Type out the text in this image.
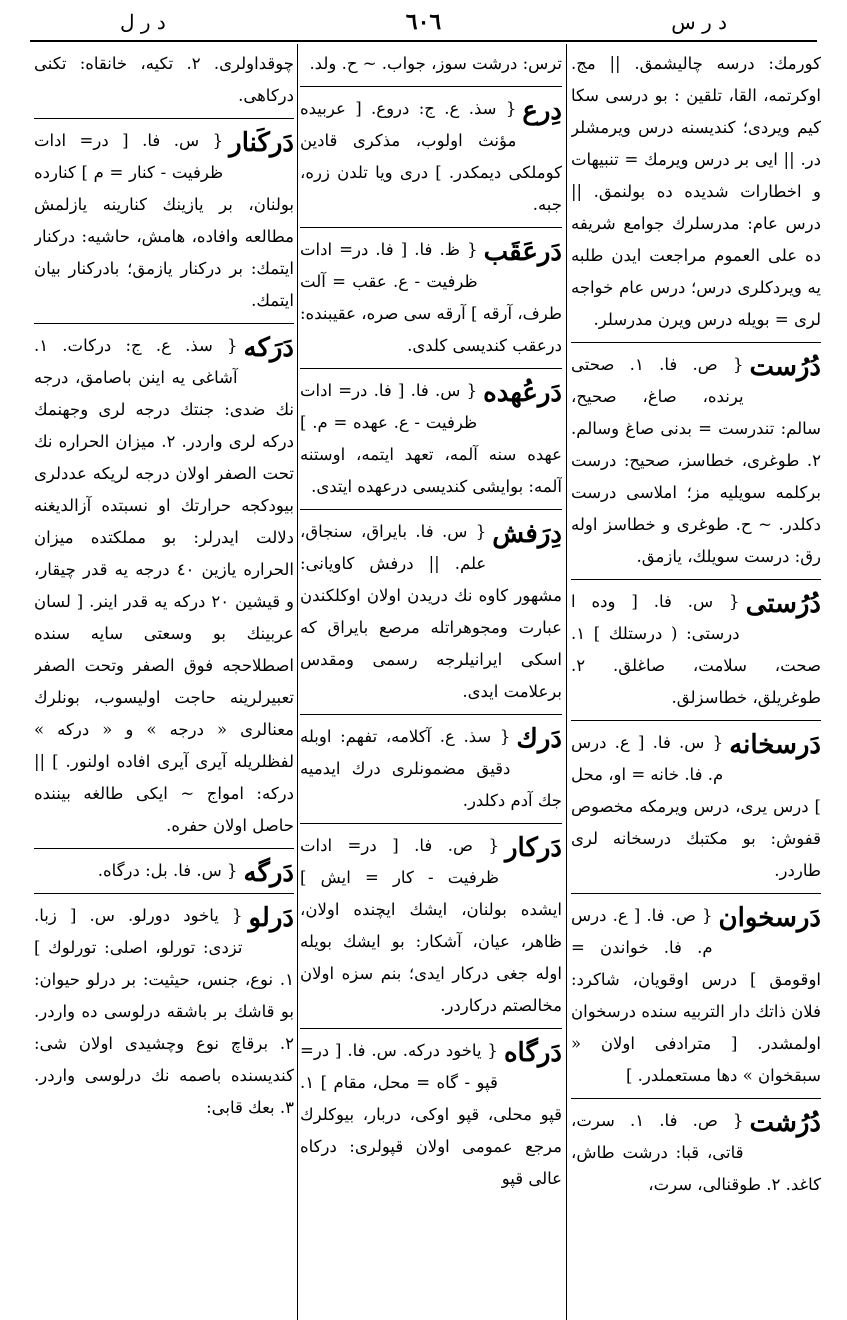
د ر س
٦٠٦
د ر ل
كورمك: درسه چالیشمق. || مج. اوكرتمه، القا، تلقین : بو درسی سكا كیم ویردی؛ كندیسنه درس ویرمشلر در. || ایی بر درس ویرمك = تنبیهات و اخطارات شدیده ده بولنمق. || درس عام: مدرسلرك جوامع شریفه ده علی العموم مراجعت ایدن طلبه یه ویردكلری درس؛ درس عام خواجه لری = بویله درس ویرن مدرسلر.
دُرُست
{ ص. فا. ١. صحتی یرنده، صاغ، صحیح، سالم: تندرست = بدنی صاغ وسالم. ٢. طوغری، خطاسز، صحیح: درست بركلمه سویلیه مز؛ املاسی درست دكلدر. ~ ح. طوغری و خطاسز اوله رق: درست سویلك، یازمق.
دُرُستی
{ س. فا. [ وده ا درستی: ( درستلك ] ١. صحت، سلامت، صاغلق. ٢. طوغریلق، خطاسزلق.
دَرسخانه
{ س. فا. [ ع. درس م. فا. خانه = او، محل ] درس یری، درس ویرمكه مخصوص قفوش: بو مكتبك درسخانه لری طاردر.
دَرسخوان
{ ص. فا. [ ع. درس م. فا. خواندن = اوقومق ] درس اوقویان، شاكرد: فلان ذاتك دار التربیه سنده درسخوان اولمشدر. [ مترادفی اولان « سبقخوان » دها مستعملدر. ]
دُرُشت
{ ص. فا. ١. سرت، قاتی، قبا: درشت طاش، كاغد. ٢. طوقنالی، سرت،
ترس: درشت سوز، جواب. ~ ح. ولد.
دِرع
{ سذ. ع. ج: دروع. [ عربیده مؤنث اولوب، مذكری قادین كوملكی دیمكدر. ] دری ویا تلدن زره، جبه.
دَرعَقَب
{ ظ. فا. [ فا. در= ادات ظرفیت - ع. عقب = آلت طرف، آرقه ] آرقه سی صره، عقیبنده: درعقب كندیسی كلدی.
دَرعُهده
{ س. فا. [ فا. در= ادات ظرفیت - ع. عهده = م. ] عهده سنه آلمه، تعهد ایتمه، اوستنه آلمه: بوایشی كندیسی درعهده ایتدی.
دِرَفش
{ س. فا. بایراق، سنجاق، علم. || درفش كاویانی: مشهور كاوه نك دریدن اولان اوكلكندن عبارت ومجوهراتله مرصع بایراق كه اسكی ایرانیلرجه رسمی ومقدس برعلامت ایدی.
دَرك
{ سذ. ع. آكلامه، تفهم: اوبله دقیق مضمونلری درك ایدمیه جك آدم دكلدر.
دَركار
{ ص. فا. [ در= ادات ظرفیت - كار = ایش ] ایشده بولنان، ایشك ایچنده اولان، ظاهر، عیان، آشكار: بو ایشك بویله اوله جغی دركار ایدی؛ بنم سزه اولان مخالصتم دركاردر.
دَرگاه
{ یاخود دركه. س. فا. [ در= قپو - گاه = محل، مقام ] ١. قپو محلی، قپو اوكی، دربار، بیوكلرك مرجع عمومی اولان قپولری: دركاه عالی قپو
چوقداولری. ٢. تكیه، خانقاه: تكنى دركاهی.
دَركَنار
{ س. فا. [ در= ادات ظرفیت - كنار = م ] كنارده بولنان، بر یازینك كنارینه یازلمش مطالعه وافاده، هامش، حاشیه: دركنار ایتمك: بر دركنار یازمق؛ بادركنار بیان ایتمك.
دَرَكه
{ سذ. ع. ج: دركات. ١. آشاغی یه اینن باصامق، درجه نك ضدی: جنتك درجه لری وجهنمك دركه لری واردر. ٢. میزان الحراره نك تحت الصفر اولان درجه لریكه عددلری بیودكجه حرارتك او نسبتده آزالدیغنه دلالت ایدرلر: بو مملكتده میزان الحراره یازین ٤٠ درجه یه قدر چیقار، و قیشین ٢٠ دركه یه قدر اینر. [ لسان عربینك بو وسعتی سایه سنده اصطلاحجه فوق الصفر وتحت الصفر تعبیرلرینه حاجت اولیسوب، بونلرك معنالری « درجه » و « دركه » لفظلریله آیری آیری افاده اولنور. ] || دركه: امواج ~ ایكی طالغه بیننده حاصل اولان حفره.
دَرگه
{ س. فا. بل: درگاه.
دَرلو
{ یاخود دورلو. س. [ زبا. تزدی: تورلو، اصلی: تورلوك ] ١. نوع، جنس، حیثیت: بر درلو حیوان: بو قاشك بر باشقه درلوسی ده واردر. ٢. برقاچ نوع وچشیدی اولان شی: كندیسنده باصمه نك درلوسی واردر. ٣. بعك قابی:
